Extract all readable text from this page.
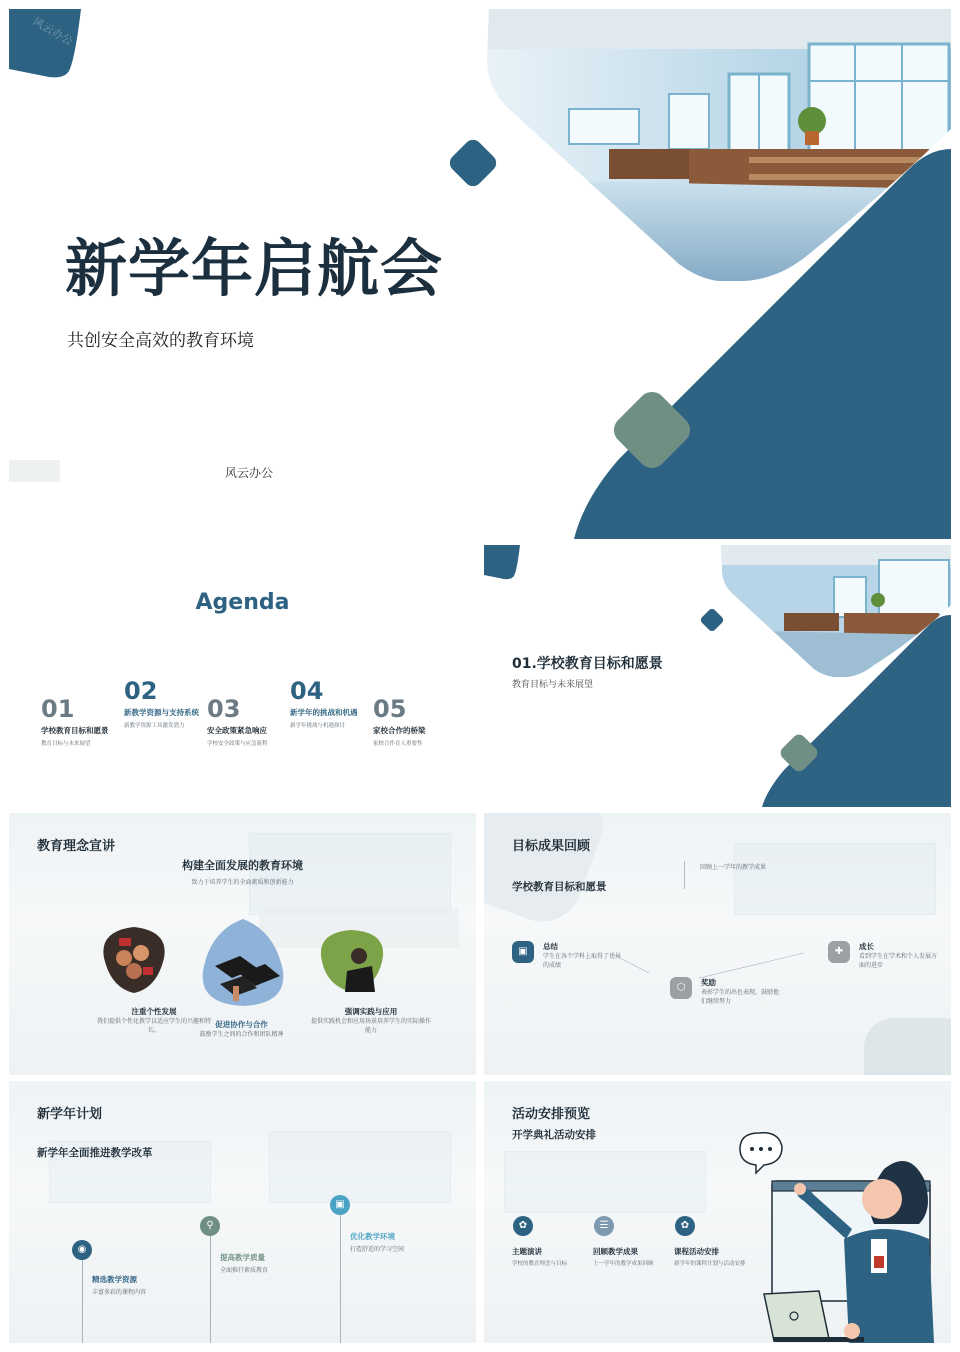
风云办公
新学年启航会
共创安全高效的教育环境
风云办公
Agenda
01
学校教育目标和愿景
教育目标与未来展望
02
新教学资源与支持系统
新教学资源工具激发潜力
03
安全政策紧急响应
学校安全政策与应急流程
04
新学年的挑战和机遇
新学年挑战与机遇探讨
05
家校合作的桥梁
家校合作育人重要性
01.学校教育目标和愿景
教育目标与未来展望
教育理念宣讲
构建全面发展的教育环境
致力于培养学生的全面素质和创新能力
注重个性发展
我们提供个性化教学以适应学生的兴趣和特长。
促进协作与合作
鼓励学生之间的合作和团队精神
强调实践与应用
提供实践机会和应用场景培养学生的实际操作能力
目标成果回顾
学校教育目标和愿景
回顾上一学年的教学成果
▣	总结
学生在各个学科上取得了优异的成绩
⬡	奖励
表彰学生的出色表现，鼓励他们继续努力
✚	成长
看到学生在学术和个人发展方面的进步
新学年计划
新学年全面推进教学改革
◉
精选教学资源
丰富多彩的课程内容
⚲
提高教学质量
全面推行素质教育
▣
优化教学环境
打造舒适的学习空间
活动安排预览
开学典礼活动安排
✿
主题演讲
学校的教育理念与目标
☰
回顾教学成果
上一学年的教学成果回顾
✿
课程活动安排
新学年的课程计划与活动安排
